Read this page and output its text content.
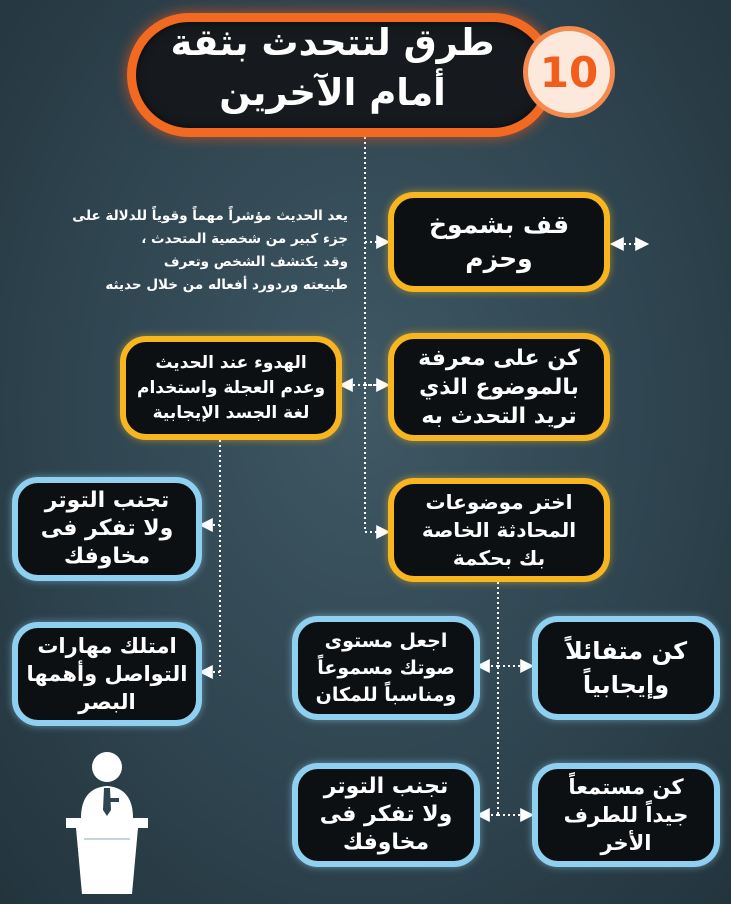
طرق لتتحدث بثقة
أمام الآخرين	10
يعد الحديث مؤشراً مهماً وقوياً للدلالة على
جزء كبير من شخصية المتحدث ،
وقد يكتشف الشخص وتعرف
طبيعته وردورد أفعاله من خلال حديثه
قف بشموخ
وحزم
كن على معرفة
بالموضوع الذي
تريد التحدث به
الهدوء عند الحديث
وعدم العجلة واستخدام
لغة الجسد الإيجابية
اختر موضوعات
المحادثة الخاصة
بك بحكمة
تجنب التوتر
ولا تفكر فى
مخاوفك
امتلك مهارات
التواصل وأهمها
البصر
اجعل مستوى
صوتك مسموعاً
ومناسباً للمكان
كن متفائلاً
وإيجابياً
تجنب التوتر
ولا تفكر فى
مخاوفك
كن مستمعاً
جيداً للطرف
الأخر
